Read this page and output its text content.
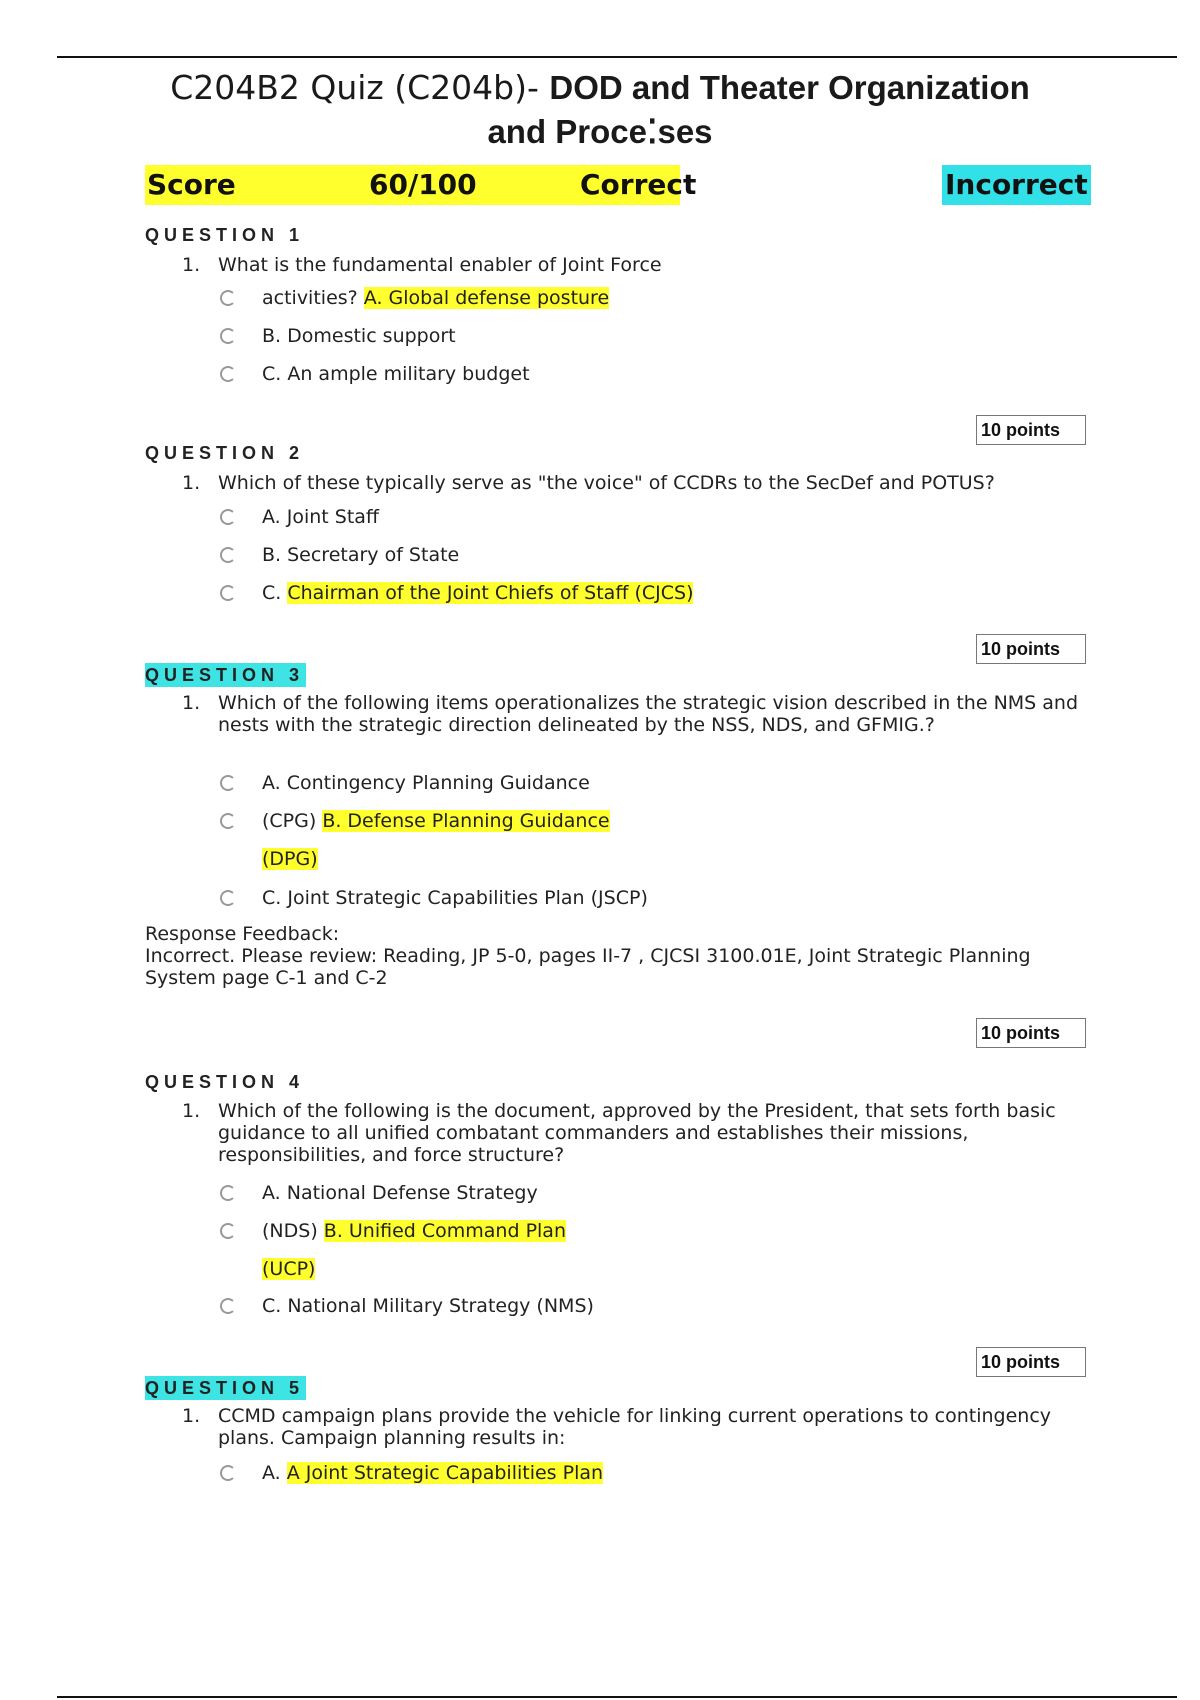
C204B2 Quiz (C204b)- DOD and Theater Organization
and Proce⁚ses
Score	60/100	Correct	Incorrect
QUESTION 1
1. What is the fundamental enabler of Joint Force
activities? A. Global defense posture
B. Domestic support
C. An ample military budget
10 points
QUESTION 2
1. Which of these typically serve as "the voice" of CCDRs to the SecDef and POTUS?
A. Joint Staff
B. Secretary of State
C. Chairman of the Joint Chiefs of Staff (CJCS)
10 points
QUESTION 3
1. Which of the following items operationalizes the strategic vision described in the NMS and nests with the strategic direction delineated by the NSS, NDS, and GFMIG.?
A. Contingency Planning Guidance
(CPG) B. Defense Planning Guidance
(DPG)
C. Joint Strategic Capabilities Plan (JSCP)
Response Feedback:
Incorrect. Please review: Reading, JP 5-0, pages II-7 , CJCSI 3100.01E, Joint Strategic Planning System page C-1 and C-2
10 points
QUESTION 4
1. Which of the following is the document, approved by the President, that sets forth basic guidance to all unified combatant commanders and establishes their missions, responsibilities, and force structure?
A. National Defense Strategy
(NDS) B. Unified Command Plan
(UCP)
C. National Military Strategy (NMS)
10 points
QUESTION 5
1. CCMD campaign plans provide the vehicle for linking current operations to contingency plans. Campaign planning results in:
A. A Joint Strategic Capabilities Plan
